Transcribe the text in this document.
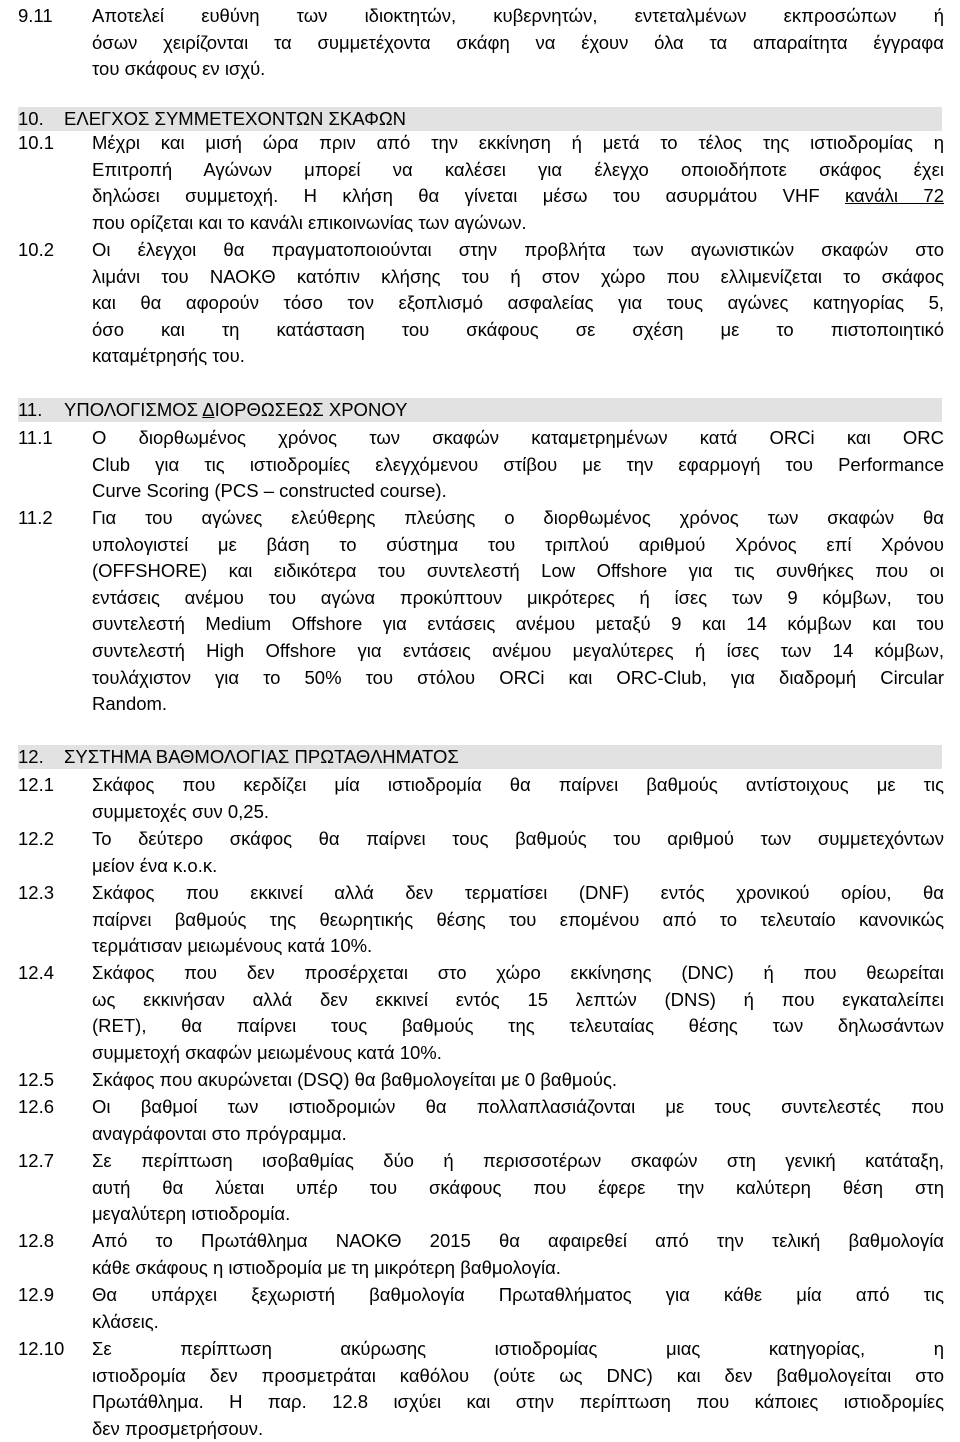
9.11 Αποτελεί ευθύνη των ιδιοκτητών, κυβερνητών, εντεταλμένων εκπροσώπων ή
όσων χειρίζονται τα συμμετέχοντα σκάφη να έχουν όλα τα απαραίτητα έγγραφα
του σκάφους εν ισχύ.
10. ΕΛΕΓΧΟΣ ΣΥΜΜΕΤΕΧΟΝΤΩΝ ΣΚΑΦΩΝ
10.1 Μέχρι και μισή ώρα πριν από την εκκίνηση ή μετά το τέλος της ιστιοδρομίας η
Επιτροπή Αγώνων μπορεί να καλέσει για έλεγχο οποιοδήποτε σκάφος έχει
δηλώσει συμμετοχή. Η κλήση θα γίνεται μέσω του ασυρμάτου VHF κανάλι 72
που ορίζεται και το κανάλι επικοινωνίας των αγώνων.
10.2 Οι έλεγχοι θα πραγματοποιούνται στην προβλήτα των αγωνιστικών σκαφών στο
λιμάνι του ΝΑΟΚΘ κατόπιν κλήσης του ή στον χώρο που ελλιμενίζεται το σκάφος
και θα αφορούν τόσο τον εξοπλισμό ασφαλείας για τους αγώνες κατηγορίας 5,
όσο και τη κατάσταση του σκάφους σε σχέση με το πιστοποιητικό
καταμέτρησής του.
11. ΥΠΟΛΟΓΙΣΜΟΣ ΔΙΟΡΘΩΣΕΩΣ ΧΡΟΝΟΥ
11.1 Ο διορθωμένος χρόνος των σκαφών καταμετρημένων κατά ORCi και ORC
Club για τις ιστιοδρομίες ελεγχόμενου στίβου με την εφαρμογή του Performance
Curve Scoring (PCS – constructed course).
11.2 Για του αγώνες ελεύθερης πλεύσης ο διορθωμένος χρόνος των σκαφών θα
υπολογιστεί με βάση το σύστημα του τριπλού αριθμού Χρόνος επί Χρόνου
(OFFSHORE) και ειδικότερα του συντελεστή Low Offshore για τις συνθήκες που οι
εντάσεις ανέμου του αγώνα προκύπτουν μικρότερες ή ίσες των 9 κόμβων, του
συντελεστή Medium Offshore για εντάσεις ανέμου μεταξύ 9 και 14 κόμβων και του
συντελεστή High Offshore για εντάσεις ανέμου μεγαλύτερες ή ίσες των 14 κόμβων,
τουλάχιστον για το 50% του στόλου ORCi και ORC-Club, για διαδρομή Circular
Random.
12. ΣΥΣΤΗΜΑ ΒΑΘΜΟΛΟΓΙΑΣ ΠΡΩΤΑΘΛΗΜΑΤΟΣ
12.1 Σκάφος που κερδίζει μία ιστιοδρομία θα παίρνει βαθμούς αντίστοιχους με τις
συμμετοχές συν 0,25.
12.2 Το δεύτερο σκάφος θα παίρνει τους βαθμούς του αριθμού των συμμετεχόντων
μείον ένα κ.ο.κ.
12.3 Σκάφος που εκκινεί αλλά δεν τερματίσει (DNF) εντός χρονικού ορίου, θα
παίρνει βαθμούς της θεωρητικής θέσης του επομένου από το τελευταίο κανονικώς
τερμάτισαν μειωμένους κατά 10%.
12.4 Σκάφος που δεν προσέρχεται στο χώρο εκκίνησης (DNC) ή που θεωρείται
ως εκκινήσαν αλλά δεν εκκινεί εντός 15 λεπτών (DNS) ή που εγκαταλείπει
(RET), θα παίρνει τους βαθμούς της τελευταίας θέσης των δηλωσάντων
συμμετοχή σκαφών μειωμένους κατά 10%.
12.5 Σκάφος που ακυρώνεται (DSQ) θα βαθμολογείται με 0 βαθμούς.
12.6 Οι βαθμοί των ιστιοδρομιών θα πολλαπλασιάζονται με τους συντελεστές που
αναγράφονται στο πρόγραμμα.
12.7 Σε περίπτωση ισοβαθμίας δύο ή περισσοτέρων σκαφών στη γενική κατάταξη,
αυτή θα λύεται υπέρ του σκάφους που έφερε την καλύτερη θέση στη
μεγαλύτερη ιστιοδρομία.
12.8 Από το Πρωτάθλημα ΝΑΟΚΘ 2015 θα αφαιρεθεί από την τελική βαθμολογία
κάθε σκάφους η ιστιοδρομία με τη μικρότερη βαθμολογία.
12.9 Θα υπάρχει ξεχωριστή βαθμολογία Πρωταθλήματος για κάθε μία από τις
κλάσεις.
12.10 Σε περίπτωση ακύρωσης ιστιοδρομίας μιας κατηγορίας, η
ιστιοδρομία δεν προσμετράται καθόλου (ούτε ως DNC) και δεν βαθμολογείται στο
Πρωτάθλημα. Η παρ. 12.8 ισχύει και στην περίπτωση που κάποιες ιστιοδρομίες
δεν προσμετρήσουν.
